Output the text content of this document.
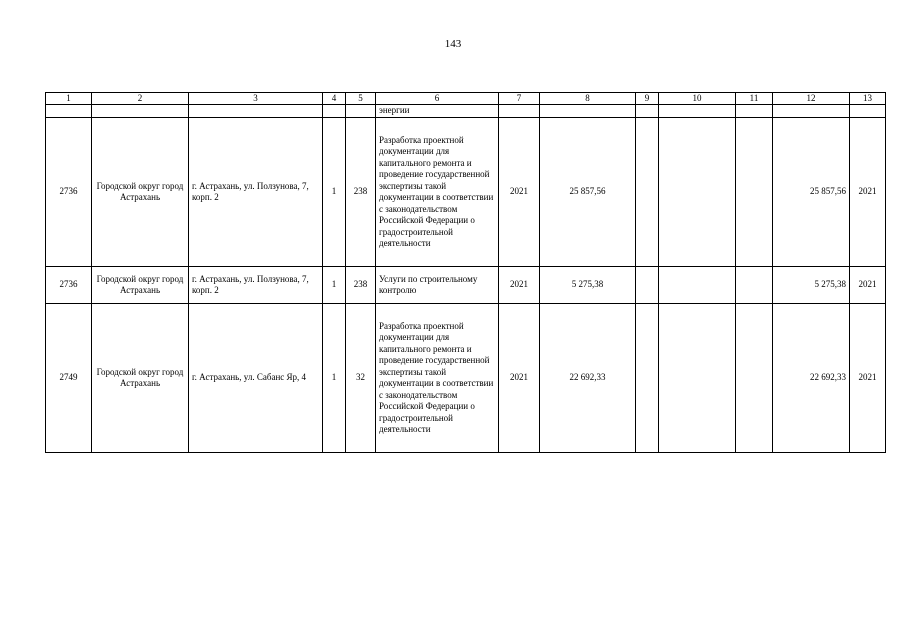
143
1	2	3	4	5	6	7	8	9	10	11	12	13
					энергии							
2736	Городской округ город Астрахань	г. Астрахань, ул. Ползунова, 7, корп. 2	1	238	Разработка проектной документации для капитального ремонта и проведение государственной экспертизы такой документации в соответствии с законодательством Российской Федерации о градостроительной деятельности	2021	25 857,56				25 857,56	2021
2736	Городской округ город Астрахань	г. Астрахань, ул. Ползунова, 7, корп. 2	1	238	Услуги по строительному контролю	2021	5 275,38				5 275,38	2021
2749	Городской округ город Астрахань	г. Астрахань, ул. Сабанс Яр, 4	1	32	Разработка проектной документации для капитального ремонта и проведение государственной экспертизы такой документации в соответствии с законодательством Российской Федерации о градостроительной деятельности	2021	22 692,33				22 692,33	2021
